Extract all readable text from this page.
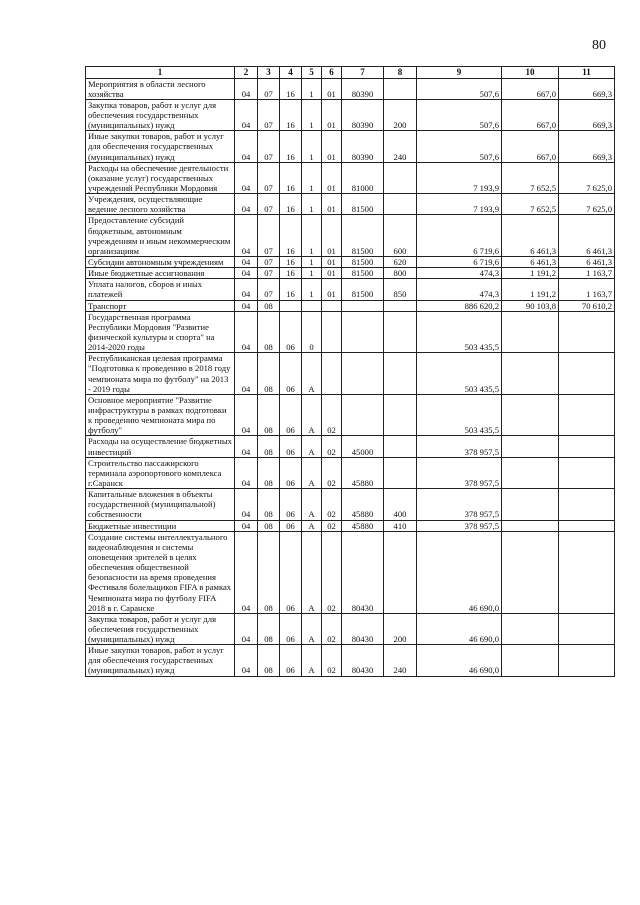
80
1	2	3	4	5	6	7	8	9	10	11
Мероприятия в области лесного хозяйства	04	07	16	1	01	80390		507,6	667,0	669,3
Закупка товаров, работ и услуг для обеспечения государственных (муниципальных) нужд	04	07	16	1	01	80390	200	507,6	667,0	669,3
Иные закупки товаров, работ и услуг для обеспечения государственных (муниципальных) нужд	04	07	16	1	01	80390	240	507,6	667,0	669,3
Расходы на обеспечение деятельности (оказание услуг) государственных учреждений Республики Мордовия	04	07	16	1	01	81000		7 193,9	7 652,5	7 625,0
Учреждения, осуществляющие ведение лесного хозяйства	04	07	16	1	01	81500		7 193,9	7 652,5	7 625,0
Предоставление субсидий бюджетным, автономным учреждениям и иным некоммерческим организациям	04	07	16	1	01	81500	600	6 719,6	6 461,3	6 461,3
Субсидии автономным учреждениям	04	07	16	1	01	81500	620	6 719,6	6 461,3	6 461,3
Иные бюджетные ассигнования	04	07	16	1	01	81500	800	474,3	1 191,2	1 163,7
Уплата налогов, сборов и иных платежей	04	07	16	1	01	81500	850	474,3	1 191,2	1 163,7
Транспорт	04	08						886 620,2	90 103,8	70 610,2
Государственная программа Республики Мордовия "Развитие физической культуры и спорта" на 2014-2020 годы	04	08	06	0				503 435,5		
Республиканская целевая программа "Подготовка к проведению в 2018 году чемпионата мира по футболу" на 2013 - 2019 годы	04	08	06	А				503 435,5		
Основное мероприятие "Развитие инфраструктуры в рамках подготовки к проведению чемпионата мира по футболу"	04	08	06	А	02			503 435,5		
Расходы на осуществление бюджетных инвестиций	04	08	06	А	02	45000		378 957,5		
Строительство пассажирского терминала аэропортового комплекса г.Саранск	04	08	06	А	02	45880		378 957,5		
Капитальные вложения в объекты государственной (муниципальной) собственности	04	08	06	А	02	45880	400	378 957,5		
Бюджетные инвестиции	04	08	06	А	02	45880	410	378 957,5		
Создание системы интеллектуального видеонаблюдения и системы оповещения зрителей в целях обеспечения общественной безопасности на время проведения Фестиваля болельщиков FIFA в рамках Чемпионата мира по футболу FIFA 2018 в г. Саранске	04	08	06	А	02	80430		46 690,0		
Закупка товаров, работ и услуг для обеспечения государственных (муниципальных) нужд	04	08	06	А	02	80430	200	46 690,0		
Иные закупки товаров, работ и услуг для обеспечения государственных (муниципальных) нужд	04	08	06	А	02	80430	240	46 690,0		
